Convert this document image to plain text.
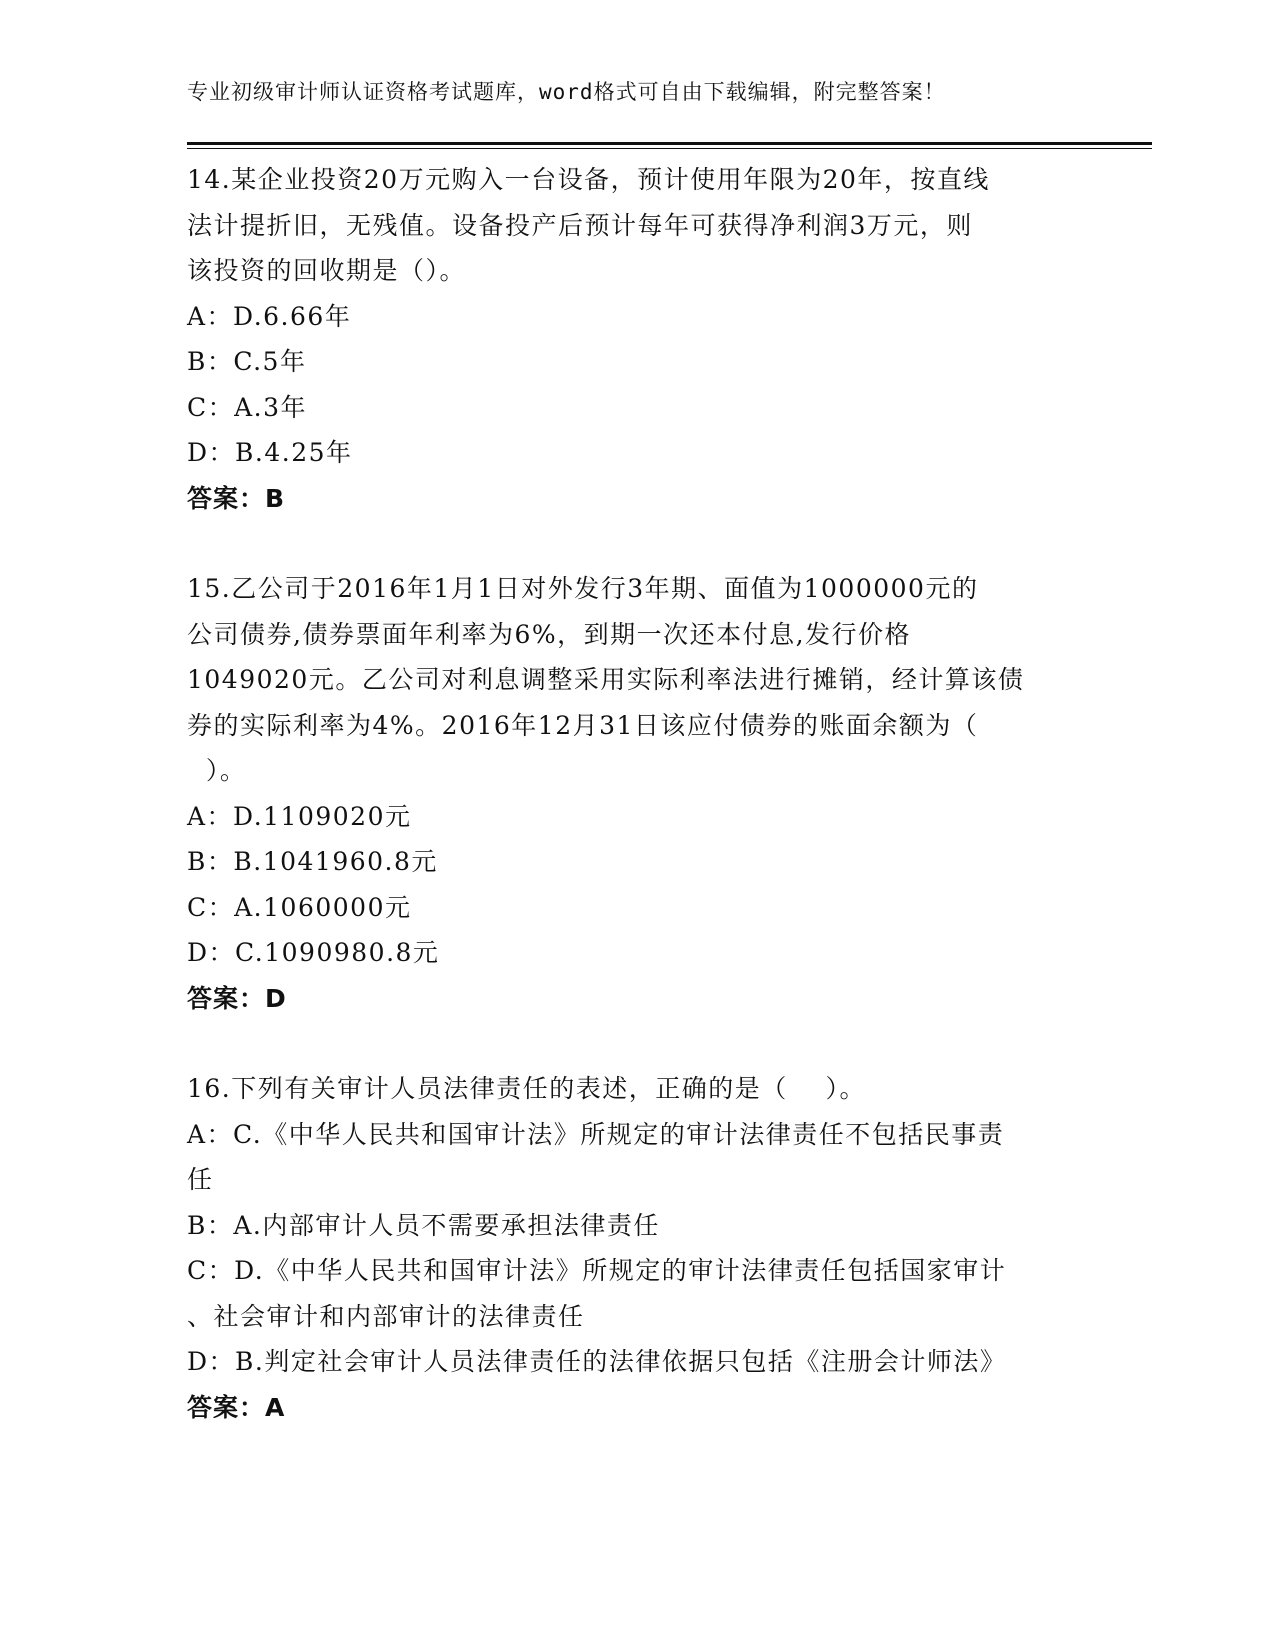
专业初级审计师认证资格考试题库，word格式可自由下载编辑，附完整答案！

14.某企业投资20万元购入一台设备，预计使用年限为20年，按直线

法计提折旧，无残值。设备投产后预计每年可获得净利润3万元，则

该投资的回收期是（）。

A：D.6.66年

B：C.5年

C：A.3年

D：B.4.25年

答案：B

15.乙公司于2016年1月1日对外发行3年期、面值为1000000元的

公司债券,债券票面年利率为6%，到期一次还本付息,发行价格

1049020元。乙公司对利息调整采用实际利率法进行摊销，经计算该债

券的实际利率为4%。2016年12月31日该应付债券的账面余额为（

）。

A：D.1109020元

B：B.1041960.8元

C：A.1060000元

D：C.1090980.8元

答案：D

16.下列有关审计人员法律责任的表述，正确的是（    ）。

A：C.《中华人民共和国审计法》所规定的审计法律责任不包括民事责

任

B：A.内部审计人员不需要承担法律责任

C：D.《中华人民共和国审计法》所规定的审计法律责任包括国家审计

、社会审计和内部审计的法律责任

D：B.判定社会审计人员法律责任的法律依据只包括《注册会计师法》

答案：A
